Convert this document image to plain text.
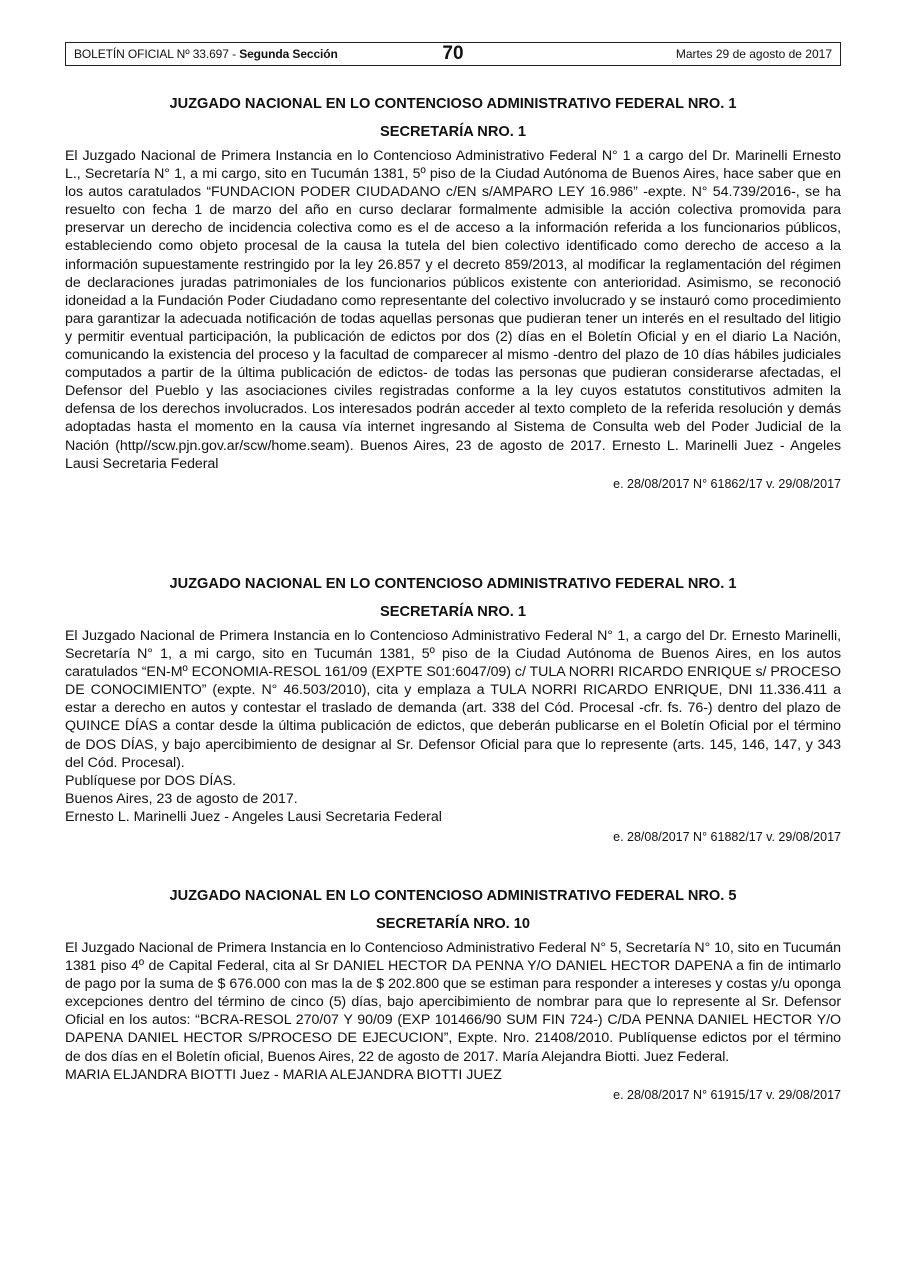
BOLETÍN OFICIAL Nº 33.697 - Segunda Sección	70	Martes 29 de agosto de 2017

JUZGADO NACIONAL EN LO CONTENCIOSO ADMINISTRATIVO FEDERAL NRO. 1

SECRETARÍA NRO. 1

El Juzgado Nacional de Primera Instancia en lo Contencioso Administrativo Federal N° 1 a cargo del Dr. Marinelli Ernesto L., Secretaría N° 1, a mi cargo, sito en Tucumán 1381, 5º piso de la Ciudad Autónoma de Buenos Aires, hace saber que en los autos caratulados “FUNDACION PODER CIUDADANO c/EN s/AMPARO LEY 16.986” -expte. N° 54.739/2016-, se ha resuelto con fecha 1 de marzo del año en curso declarar formalmente admisible la acción colectiva promovida para preservar un derecho de incidencia colectiva como es el de acceso a la información referida a los funcionarios públicos, estableciendo como objeto procesal de la causa la tutela del bien colectivo identificado como derecho de acceso a la información supuestamente restringido por la ley 26.857 y el decreto 859/2013, al modificar la reglamentación del régimen de declaraciones juradas patrimoniales de los funcionarios públicos existente con anterioridad. Asimismo, se reconoció idoneidad a la Fundación Poder Ciudadano como representante del colectivo involucrado y se instauró como procedimiento para garantizar la adecuada notificación de todas aquellas personas que pudieran tener un interés en el resultado del litigio y permitir eventual participación, la publicación de edictos por dos (2) días en el Boletín Oficial y en el diario La Nación, comunicando la existencia del proceso y la facultad de comparecer al mismo -dentro del plazo de 10 días hábiles judiciales computados a partir de la última publicación de edictos- de todas las personas que pudieran considerarse afectadas, el Defensor del Pueblo y las asociaciones civiles registradas conforme a la ley cuyos estatutos constitutivos admiten la defensa de los derechos involucrados. Los interesados podrán acceder al texto completo de la referida resolución y demás adoptadas hasta el momento en la causa vía internet ingresando al Sistema de Consulta web del Poder Judicial de la Nación (http//scw.pjn.gov.ar/scw/home.seam). Buenos Aires, 23 de agosto de 2017. Ernesto L. Marinelli Juez - Angeles Lausi Secretaria Federal

e. 28/08/2017 N° 61862/17 v. 29/08/2017

JUZGADO NACIONAL EN LO CONTENCIOSO ADMINISTRATIVO FEDERAL NRO. 1

SECRETARÍA NRO. 1

El Juzgado Nacional de Primera Instancia en lo Contencioso Administrativo Federal N° 1, a cargo del Dr. Ernesto Marinelli, Secretaría N° 1, a mi cargo, sito en Tucumán 1381, 5º piso de la Ciudad Autónoma de Buenos Aires, en los autos caratulados “EN-Mº ECONOMIA-RESOL 161/09 (EXPTE S01:6047/09) c/ TULA NORRI RICARDO ENRIQUE s/ PROCESO DE CONOCIMIENTO” (expte. N° 46.503/2010), cita y emplaza a TULA NORRI RICARDO ENRIQUE, DNI 11.336.411 a estar a derecho en autos y contestar el traslado de demanda (art. 338 del Cód. Procesal -cfr. fs. 76-) dentro del plazo de QUINCE DÍAS a contar desde la última publicación de edictos, que deberán publicarse en el Boletín Oficial por el término de DOS DÍAS, y bajo apercibimiento de designar al Sr. Defensor Oficial para que lo represente (arts. 145, 146, 147, y 343 del Cód. Procesal).

Publíquese por DOS DÍAS.

Buenos Aires, 23 de agosto de 2017.

Ernesto L. Marinelli Juez - Angeles Lausi Secretaria Federal

e. 28/08/2017 N° 61882/17 v. 29/08/2017

JUZGADO NACIONAL EN LO CONTENCIOSO ADMINISTRATIVO FEDERAL NRO. 5

SECRETARÍA NRO. 10

El Juzgado Nacional de Primera Instancia en lo Contencioso Administrativo Federal N° 5, Secretaría N° 10, sito en Tucumán 1381 piso 4º de Capital Federal, cita al Sr DANIEL HECTOR DA PENNA Y/O DANIEL HECTOR DAPENA a fin de intimarlo de pago por la suma de $ 676.000 con mas la de $ 202.800 que se estiman para responder a intereses y costas y/u oponga excepciones dentro del término de cinco (5) días, bajo apercibimiento de nombrar para que lo represente al Sr. Defensor Oficial en los autos: “BCRA-RESOL 270/07 Y 90/09 (EXP 101466/90 SUM FIN 724-) C/DA PENNA DANIEL HECTOR Y/O DAPENA DANIEL HECTOR S/PROCESO DE EJECUCION”, Expte. Nro. 21408/2010. Publíquense edictos por el término de dos días en el Boletín oficial, Buenos Aires, 22 de agosto de 2017. María Alejandra Biotti. Juez Federal.

MARIA ELJANDRA BIOTTI Juez - MARIA ALEJANDRA BIOTTI JUEZ

e. 28/08/2017 N° 61915/17 v. 29/08/2017
